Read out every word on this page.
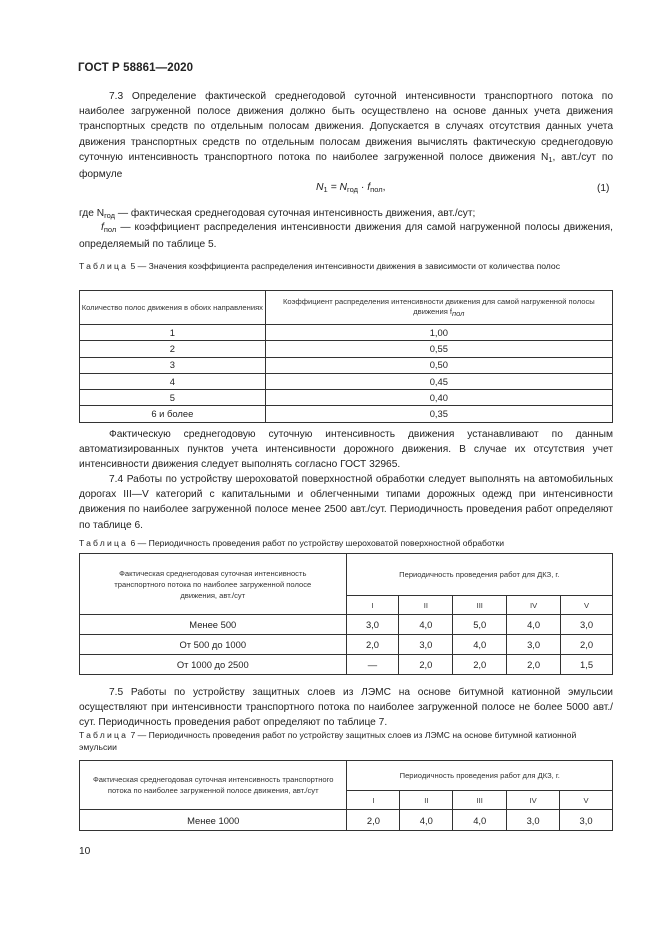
ГОСТ Р 58861—2020
7.3 Определение фактической среднегодовой суточной интенсивности транспортного потока по наиболее загруженной полосе движения должно быть осуществлено на основе данных учета движения транспортных средств по отдельным полосам движения. Допускается в случаях отсутствия данных учета движения транспортных средств по отдельным полосам движения вычислять фактическую среднегодовую суточную интенсивность транспортного потока по наиболее загруженной полосе движения $N_1$, авт./сут по формуле
$N_1 = N_{год} \cdot f_{пол}$,	(1)
где $N_{год}$ — фактическая среднегодовая суточная интенсивность движения, авт./сут;
$f_{пол}$ — коэффициент распределения интенсивности движения для самой нагруженной полосы движения, определяемый по таблице 5.
Таблица 5 — Значения коэффициента распределения интенсивности движения в зависимости от количества полос
Количество полос движения в обоих направлениях	Коэффициент распределения интенсивности движения для самой нагруженной полосы движения fпол
1	1,00
2	0,55
3	0,50
4	0,45
5	0,40
6 и более	0,35
Фактическую среднегодовую суточную интенсивность движения устанавливают по данным автоматизированных пунктов учета интенсивности дорожного движения. В случае их отсутствия учет интенсивности движения следует выполнять согласно ГОСТ 32965.
7.4 Работы по устройству шероховатой поверхностной обработки следует выполнять на автомобильных дорогах III—V категорий с капитальными и облегченными типами дорожных одежд при интенсивности движения по наиболее загруженной полосе менее 2500 авт./сут. Периодичность проведения работ определяют по таблице 6.
Таблица 6 — Периодичность проведения работ по устройству шероховатой поверхностной обработки
Фактическая среднегодовая суточная интенсивность транспортного потока по наиболее загруженной полосе движения, авт./сут	Периодичность проведения работ для ДКЗ, г.				
	I	II	III	IV	V
Менее 500	3,0	4,0	5,0	4,0	3,0
От 500 до 1000	2,0	3,0	4,0	3,0	2,0
От 1000 до 2500	—	2,0	2,0	2,0	1,5
7.5 Работы по устройству защитных слоев из ЛЭМС на основе битумной катионной эмульсии осуществляют при интенсивности транспортного потока по наиболее загруженной полосе не более 5000 авт./сут. Периодичность проведения работ определяют по таблице 7.
Таблица 7 — Периодичность проведения работ по устройству защитных слоев из ЛЭМС на основе битумной катионной эмульсии
Фактическая среднегодовая суточная интенсивность транспортного потока по наиболее загруженной полосе движения, авт./сут	Периодичность проведения работ для ДКЗ, г.				
	I	II	III	IV	V
Менее 1000	2,0	4,0	4,0	3,0	3,0
10
